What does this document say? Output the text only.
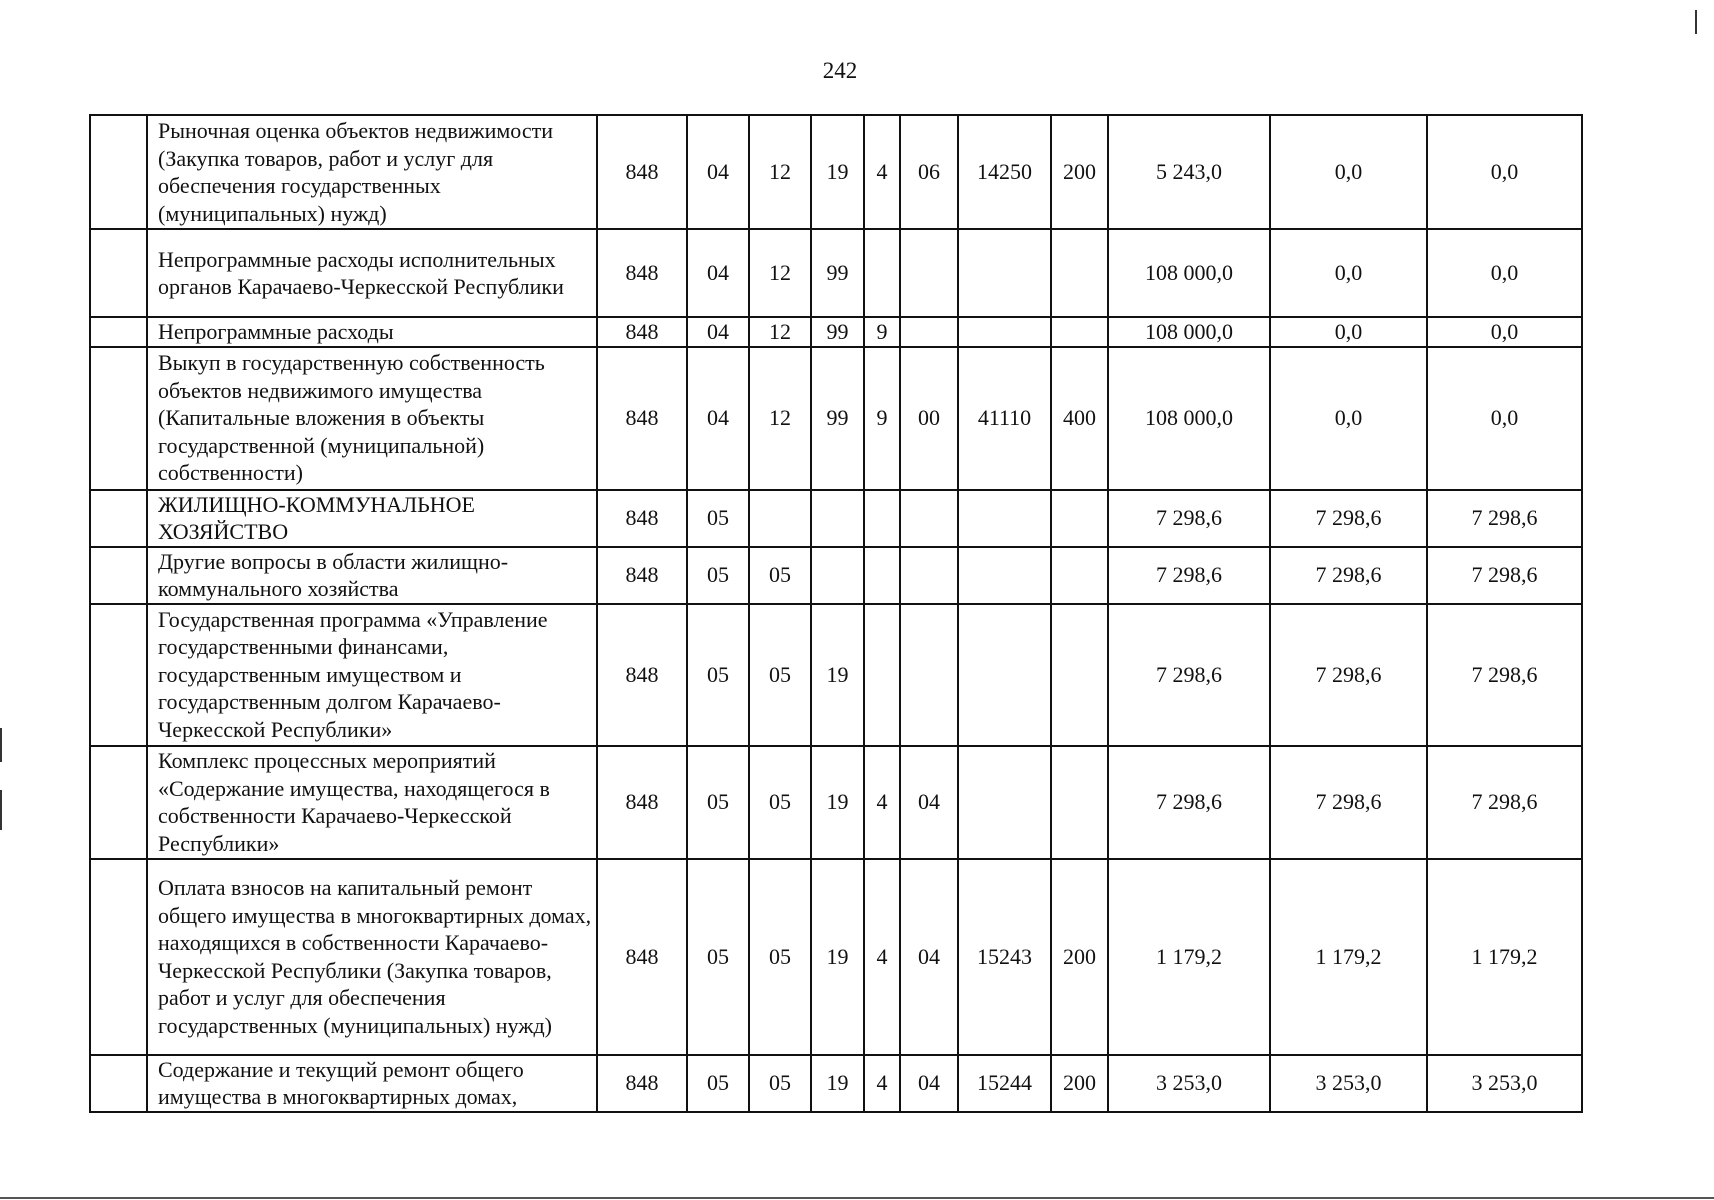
242
	Рыночная оценка объектов недвижимости (Закупка товаров, работ и услуг для обеспечения государственных (муниципальных) нужд)	848	04	12	19	4	06	14250	200	5 243,0	0,0	0,0
	Непрограммные расходы исполнительных органов Карачаево-Черкесской Республики	848	04	12	99					108 000,0	0,0	0,0
	Непрограммные расходы	848	04	12	99	9				108 000,0	0,0	0,0
	Выкуп в государственную собственность объектов недвижимого имущества (Капитальные вложения в объекты государственной (муниципальной) собственности)	848	04	12	99	9	00	41110	400	108 000,0	0,0	0,0
	ЖИЛИЩНО-КОММУНАЛЬНОЕ ХОЗЯЙСТВО	848	05							7 298,6	7 298,6	7 298,6
	Другие вопросы в области жилищно-коммунального хозяйства	848	05	05						7 298,6	7 298,6	7 298,6
	Государственная программа «Управление государственными финансами, государственным имуществом и государственным долгом Карачаево-Черкесской Республики»	848	05	05	19					7 298,6	7 298,6	7 298,6
	Комплекс процессных мероприятий «Содержание имущества, находящегося в собственности Карачаево-Черкесской Республики»	848	05	05	19	4	04			7 298,6	7 298,6	7 298,6
	Оплата взносов на капитальный ремонт общего имущества в многоквартирных домах, находящихся в собственности Карачаево-Черкесской Республики (Закупка товаров, работ и услуг для обеспечения государственных (муниципальных) нужд)	848	05	05	19	4	04	15243	200	1 179,2	1 179,2	1 179,2
	Содержание и текущий ремонт общего имущества в многоквартирных домах,	848	05	05	19	4	04	15244	200	3 253,0	3 253,0	3 253,0
